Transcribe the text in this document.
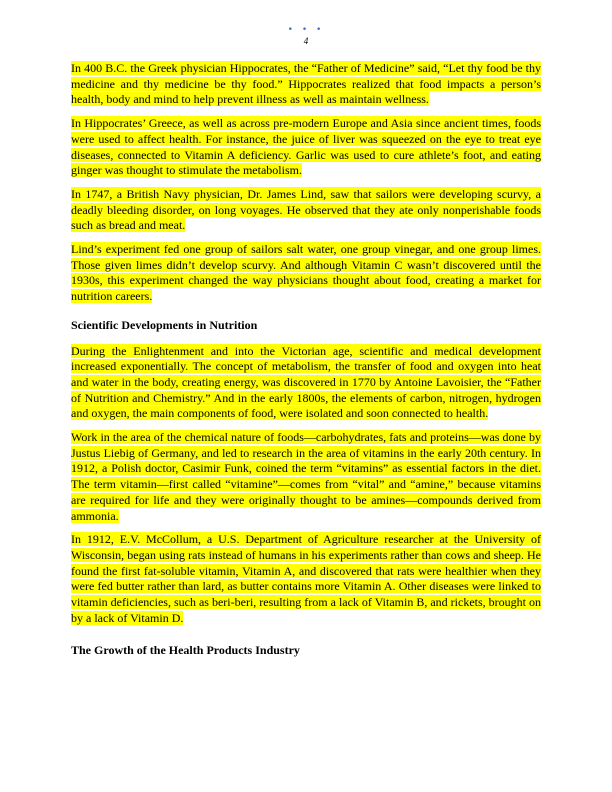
• • •
4

In 400 B.C. the Greek physician Hippocrates, the “Father of Medicine” said, “Let thy food be thy medicine and thy medicine be thy food.” Hippocrates realized that food impacts a person’s health, body and mind to help prevent illness as well as maintain wellness.

In Hippocrates’ Greece, as well as across pre-modern Europe and Asia since ancient times, foods were used to affect health. For instance, the juice of liver was squeezed on the eye to treat eye diseases, connected to Vitamin A deficiency. Garlic was used to cure athlete’s foot, and eating ginger was thought to stimulate the metabolism.

In 1747, a British Navy physician, Dr. James Lind, saw that sailors were developing scurvy, a deadly bleeding disorder, on long voyages. He observed that they ate only nonperishable foods such as bread and meat.

Lind’s experiment fed one group of sailors salt water, one group vinegar, and one group limes. Those given limes didn’t develop scurvy. And although Vitamin C wasn’t discovered until the 1930s, this experiment changed the way physicians thought about food, creating a market for nutrition careers.

Scientific Developments in Nutrition

During the Enlightenment and into the Victorian age, scientific and medical development increased exponentially. The concept of metabolism, the transfer of food and oxygen into heat and water in the body, creating energy, was discovered in 1770 by Antoine Lavoisier, the “Father of Nutrition and Chemistry.” And in the early 1800s, the elements of carbon, nitrogen, hydrogen and oxygen, the main components of food, were isolated and soon connected to health.

Work in the area of the chemical nature of foods—carbohydrates, fats and proteins—was done by Justus Liebig of Germany, and led to research in the area of vitamins in the early 20th century. In 1912, a Polish doctor, Casimir Funk, coined the term “vitamins” as essential factors in the diet. The term vitamin—first called “vitamine”—comes from “vital” and “amine,” because vitamins are required for life and they were originally thought to be amines—compounds derived from ammonia.

In 1912, E.V. McCollum, a U.S. Department of Agriculture researcher at the University of Wisconsin, began using rats instead of humans in his experiments rather than cows and sheep. He found the first fat-soluble vitamin, Vitamin A, and discovered that rats were healthier when they were fed butter rather than lard, as butter contains more Vitamin A. Other diseases were linked to vitamin deficiencies, such as beri-beri, resulting from a lack of Vitamin B, and rickets, brought on by a lack of Vitamin D.

The Growth of the Health Products Industry
